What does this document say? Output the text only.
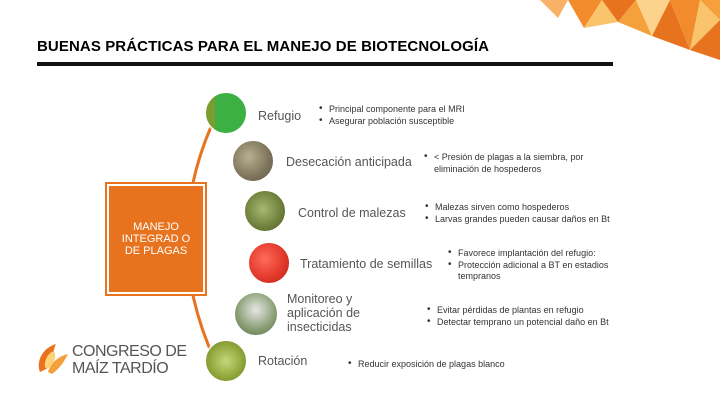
BUENAS PRÁCTICAS PARA EL MANEJO DE BIOTECNOLOGÍA
MANEJO INTEGRAD O DE PLAGAS
Refugio
Desecación anticipada
Control de malezas
Tratamiento de semillas
Monitoreo y aplicación de insecticidas
Rotación
• Principal componente para el MRI
• Asegurar población susceptible
• < Presión de plagas a la siembra, por eliminación de hospederos
• Malezas sirven como hospederos
• Larvas grandes pueden causar daños en Bt
• Favorece implantación del refugio:
• Protección adicional a BT en estadios tempranos
• Evitar pérdidas de plantas en refugio
• Detectar temprano un potencial daño en Bt
• Reducir exposición de plagas blanco
CONGRESO DE
MAÍZ TARDÍO
